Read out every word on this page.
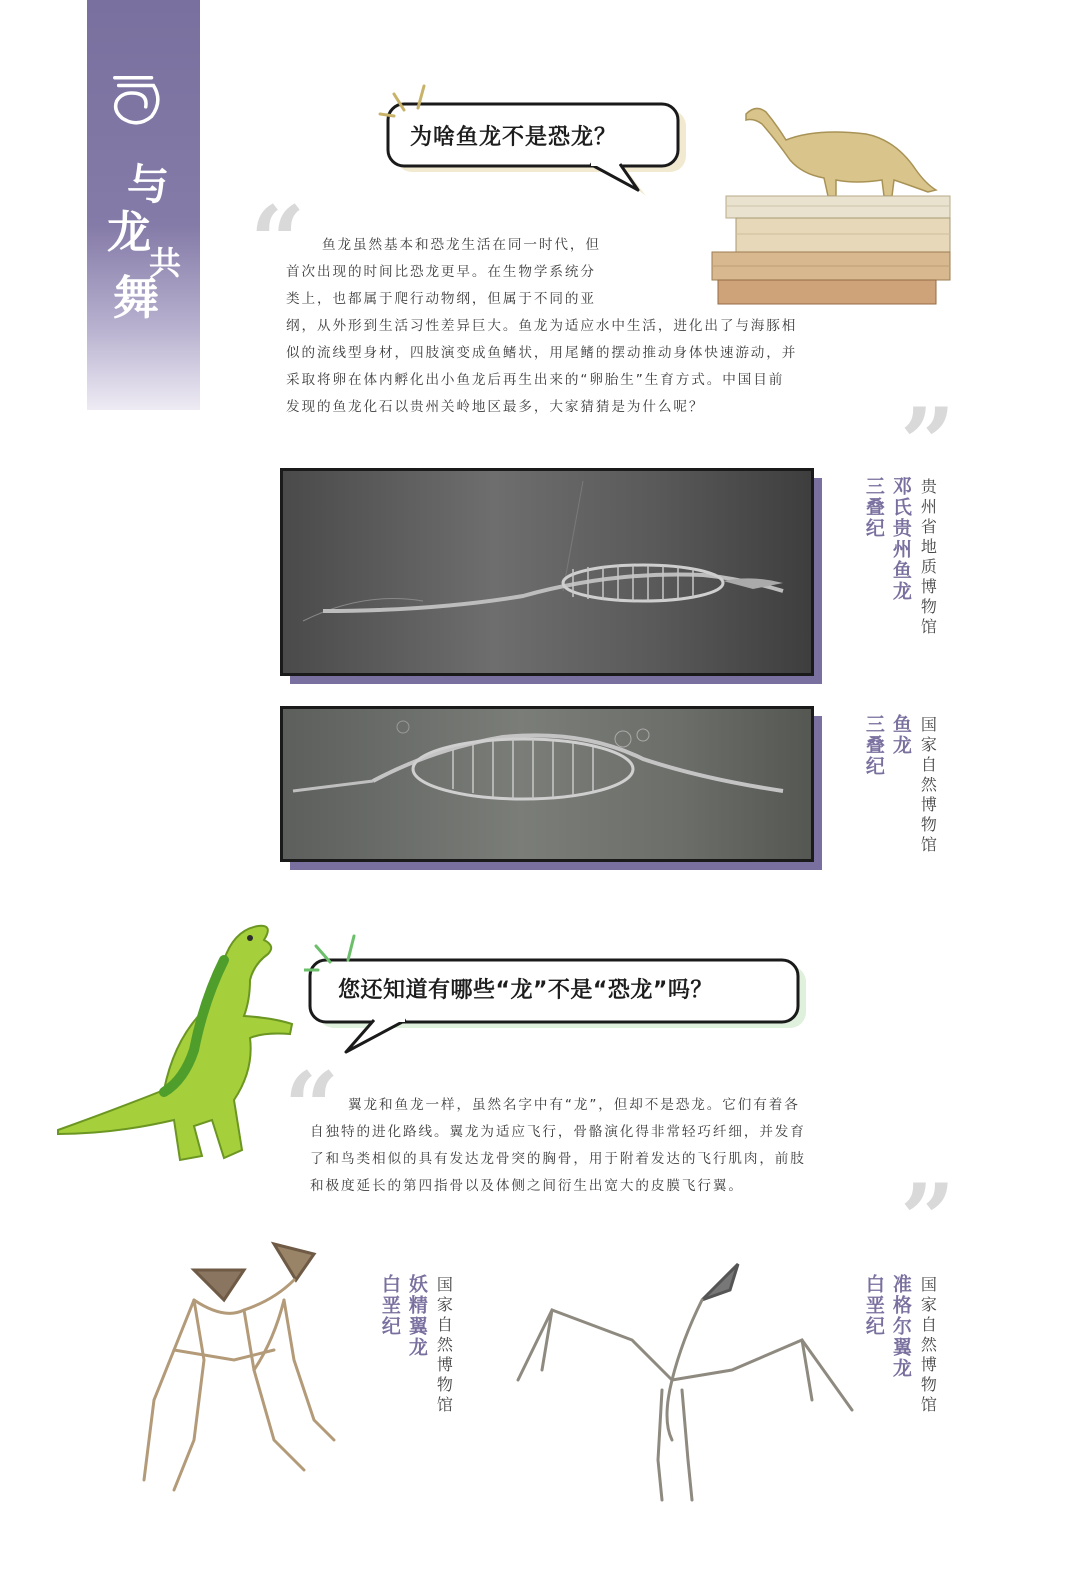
与
龙
共
舞
为啥鱼龙不是恐龙？
“	鱼龙虽然基本和恐龙生活在同一时代，但
首次出现的时间比恐龙更早。在生物学系统分
类上，也都属于爬行动物纲，但属于不同的亚
纲，从外形到生活习性差异巨大。鱼龙为适应水中生活，进化出了与海豚相
似的流线型身材，四肢演变成鱼鳍状，用尾鳍的摆动推动身体快速游动，并
采取将卵在体内孵化出小鱼龙后再生出来的“卵胎生”生育方式。中国目前
发现的鱼龙化石以贵州关岭地区最多，大家猜猜是为什么呢？	”
贵州省地质博物馆
邓氏贵州鱼龙
三叠纪
国家自然博物馆
鱼龙
三叠纪
您还知道有哪些“龙”不是“恐龙”吗？
“ 翼龙和鱼龙一样，虽然名字中有“龙”，但却不是恐龙。它们有着各
自独特的进化路线。翼龙为适应飞行，骨骼演化得非常轻巧纤细，并发育
了和鸟类相似的具有发达龙骨突的胸骨，用于附着发达的飞行肌肉，前肢
和极度延长的第四指骨以及体侧之间衍生出宽大的皮膜飞行翼。	”
国家自然博物馆
妖精翼龙
白垩纪	国家自然博物馆
准格尔翼龙
白垩纪
